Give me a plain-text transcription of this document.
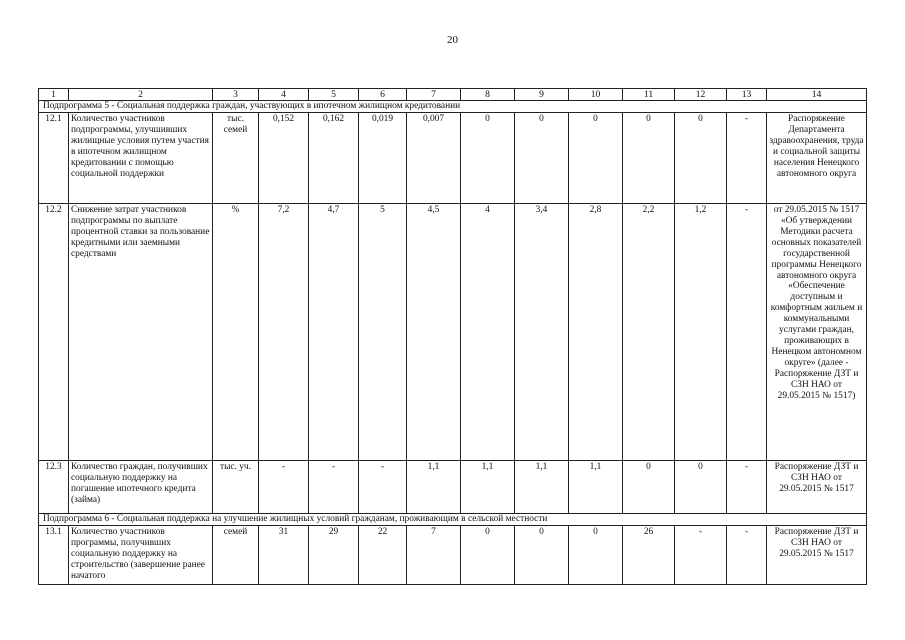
20
1	2	3	4	5	6	7	8	9	10	11	12	13	14
Подпрограмма 5 - Социальная поддержка граждан, участвующих в ипотечном жилищном кредитовании													
12.1	Количество участников подпрограммы, улучшивших жилищные условия путем участия в ипотечном жилищном кредитовании с помощью социальной поддержки	тыс. семей	0,152	0,162	0,019	0,007	0	0	0	0	0	-	Распоряжение Департамента здравоохранения, труда и социальной защиты населения Ненецкого автономного округа
12.2	Снижение затрат участников подпрограммы по выплате процентной ставки за пользование кредитными или заемными средствами	%	7,2	4,7	5	4,5	4	3,4	2,8	2,2	1,2	-	от 29.05.2015 № 1517 «Об утверждении Методики расчета основных показателей государственной программы Ненецкого автономного округа «Обеспечение доступным и комфортным жильем и коммунальными услугами граждан, проживающих в Ненецком автономном округе» (далее - Распоряжение ДЗТ и СЗН НАО от 29.05.2015 № 1517)
12.3	Количество граждан, получивших социальную поддержку на погашение ипотечного кредита (займа)	тыс. уч.	-	-	-	1,1	1,1	1,1	1,1	0	0	-	Распоряжение ДЗТ и СЗН НАО от 29.05.2015 № 1517
Подпрограмма 6 - Социальная поддержка на улучшение жилищных условий гражданам, проживающим в сельской местности													
13.1	Количество участников программы, получивших социальную поддержку на строительство (завершение ранее начатого	семей	31	29	22	7	0	0	0	26	-	-	Распоряжение ДЗТ и СЗН НАО от 29.05.2015 № 1517
